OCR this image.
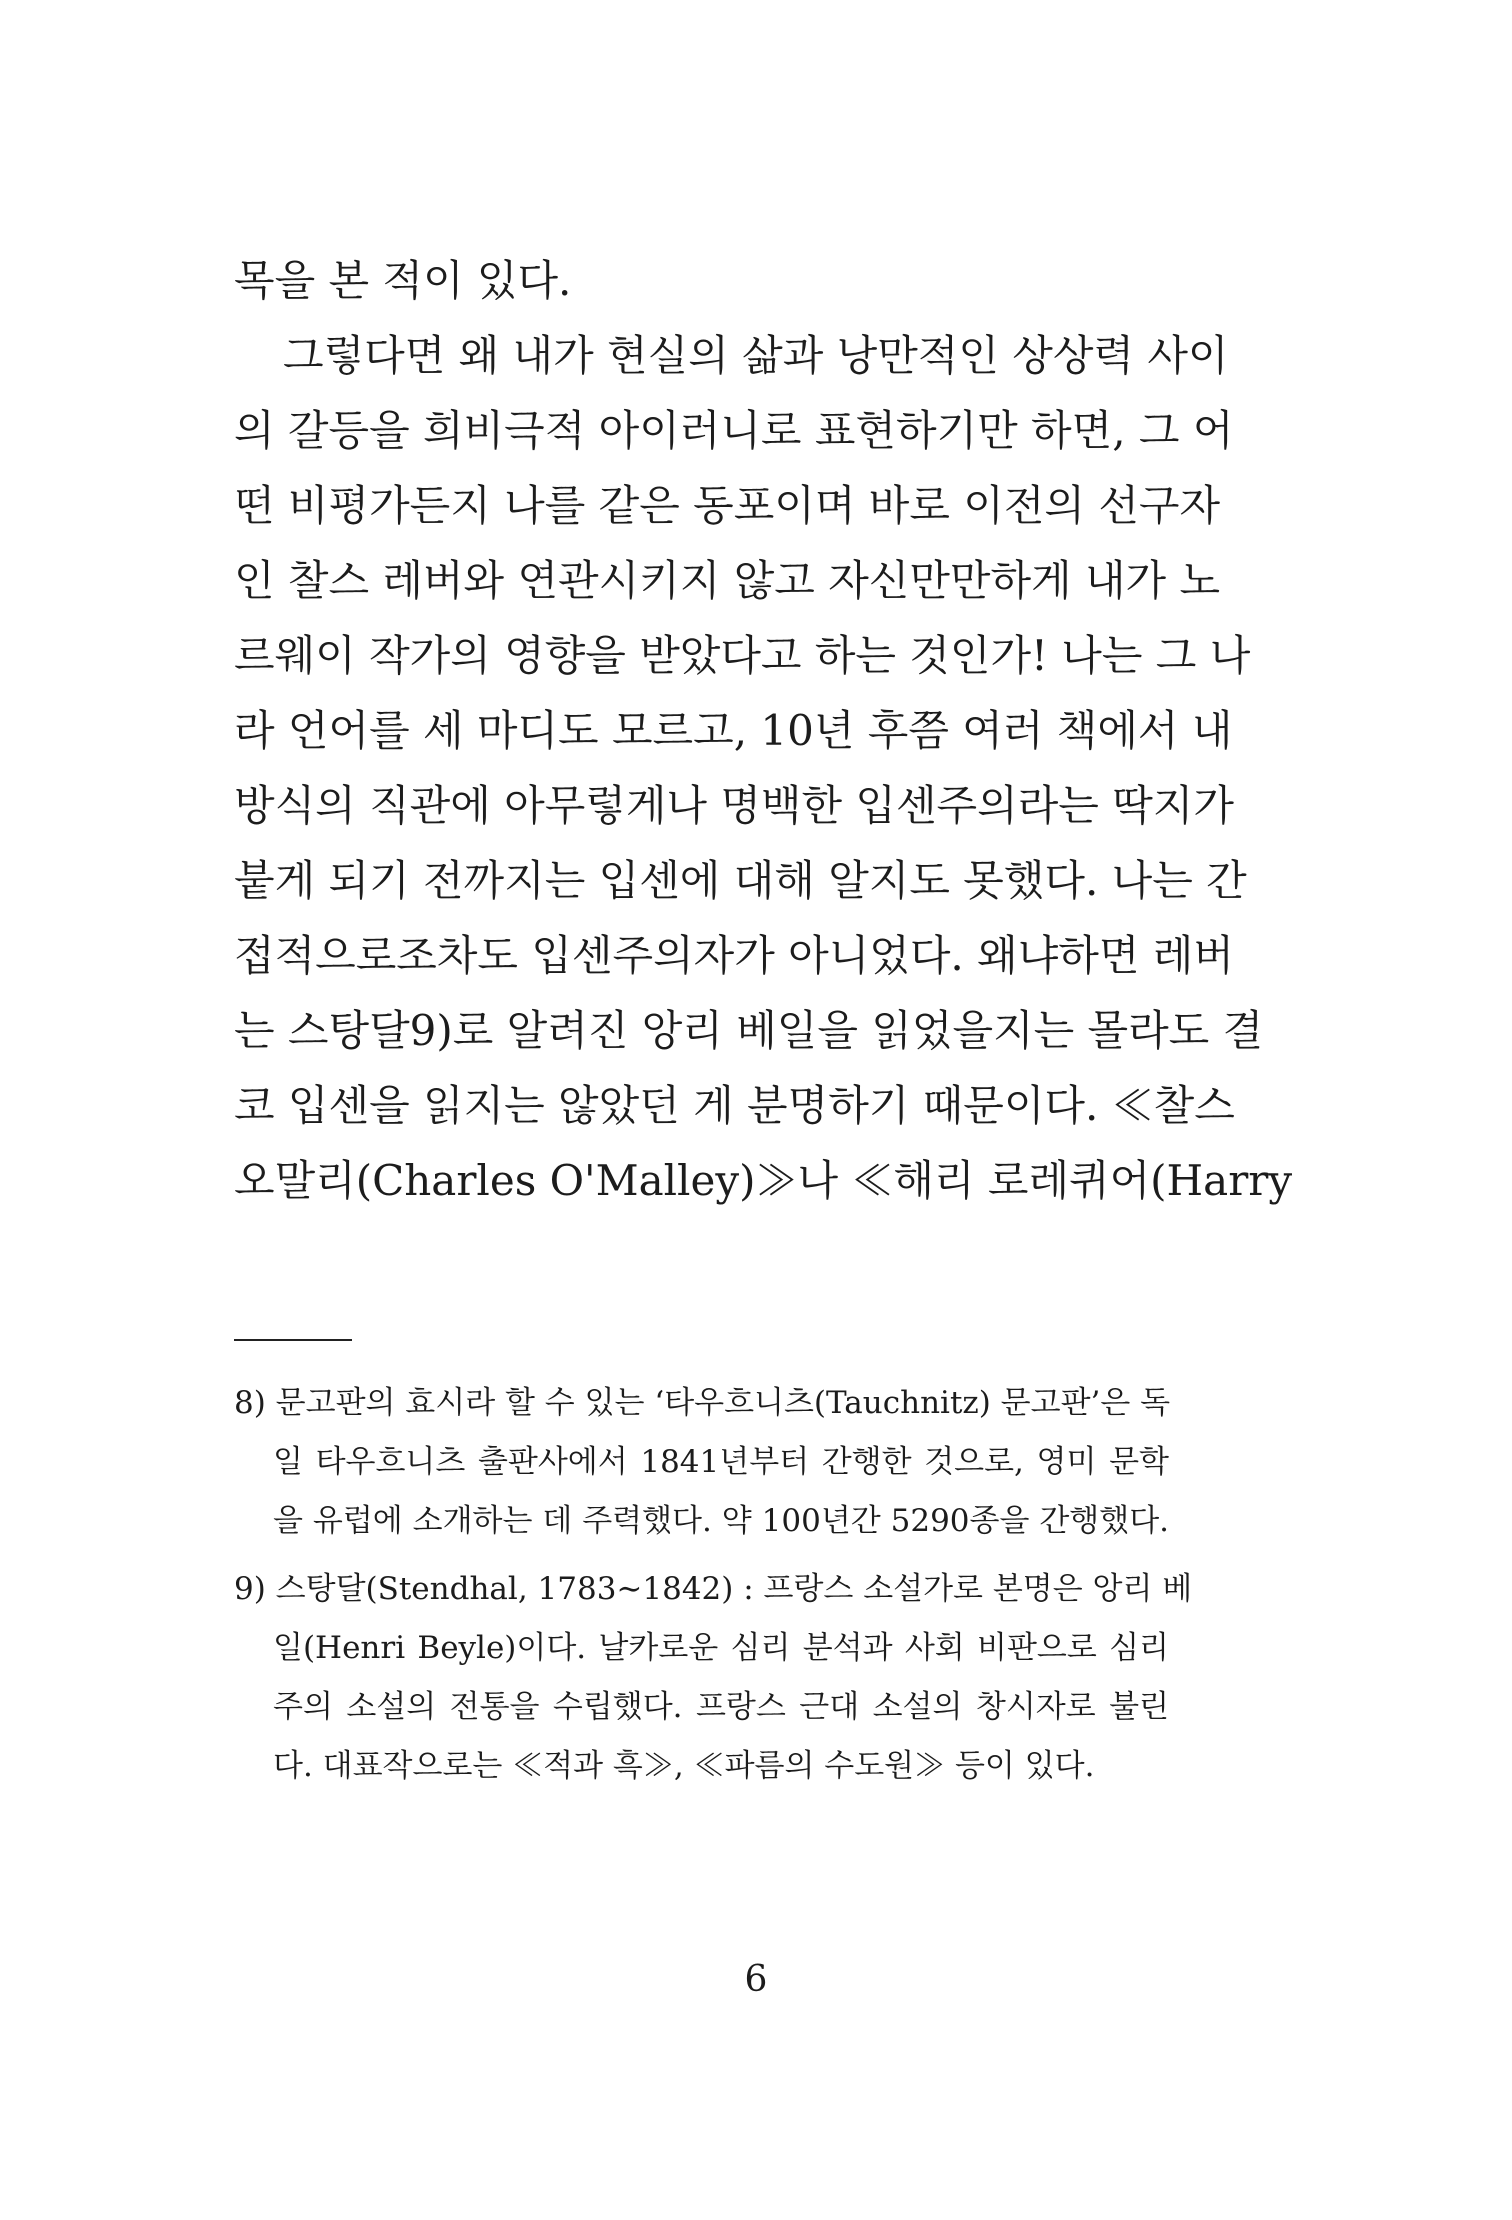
목을 본 적이 있다.
그렇다면 왜 내가 현실의 삶과 낭만적인 상상력 사이
의 갈등을 희비극적 아이러니로 표현하기만 하면, 그 어
떤 비평가든지 나를 같은 동포이며 바로 이전의 선구자
인 찰스 레버와 연관시키지 않고 자신만만하게 내가 노
르웨이 작가의 영향을 받았다고 하는 것인가! 나는 그 나
라 언어를 세 마디도 모르고, 10년 후쯤 여러 책에서 내
방식의 직관에 아무렇게나 명백한 입센주의라는 딱지가
붙게 되기 전까지는 입센에 대해 알지도 못했다. 나는 간
접적으로조차도 입센주의자가 아니었다. 왜냐하면 레버
는 스탕달9)로 알려진 앙리 베일을 읽었을지는 몰라도 결
코 입센을 읽지는 않았던 게 분명하기 때문이다. ≪찰스
오말리(Charles O'Malley)≫나 ≪해리 로레퀴어(Harry
8) 문고판의 효시라 할 수 있는 ‘타우흐니츠(Tauchnitz) 문고판’은 독
일 타우흐니츠 출판사에서 1841년부터 간행한 것으로, 영미 문학
을 유럽에 소개하는 데 주력했다. 약 100년간 5290종을 간행했다.
9) 스탕달(Stendhal, 1783∼1842) : 프랑스 소설가로 본명은 앙리 베
일(Henri Beyle)이다. 날카로운 심리 분석과 사회 비판으로 심리
주의 소설의 전통을 수립했다. 프랑스 근대 소설의 창시자로 불린
다. 대표작으로는 ≪적과 흑≫, ≪파름의 수도원≫ 등이 있다.
6
